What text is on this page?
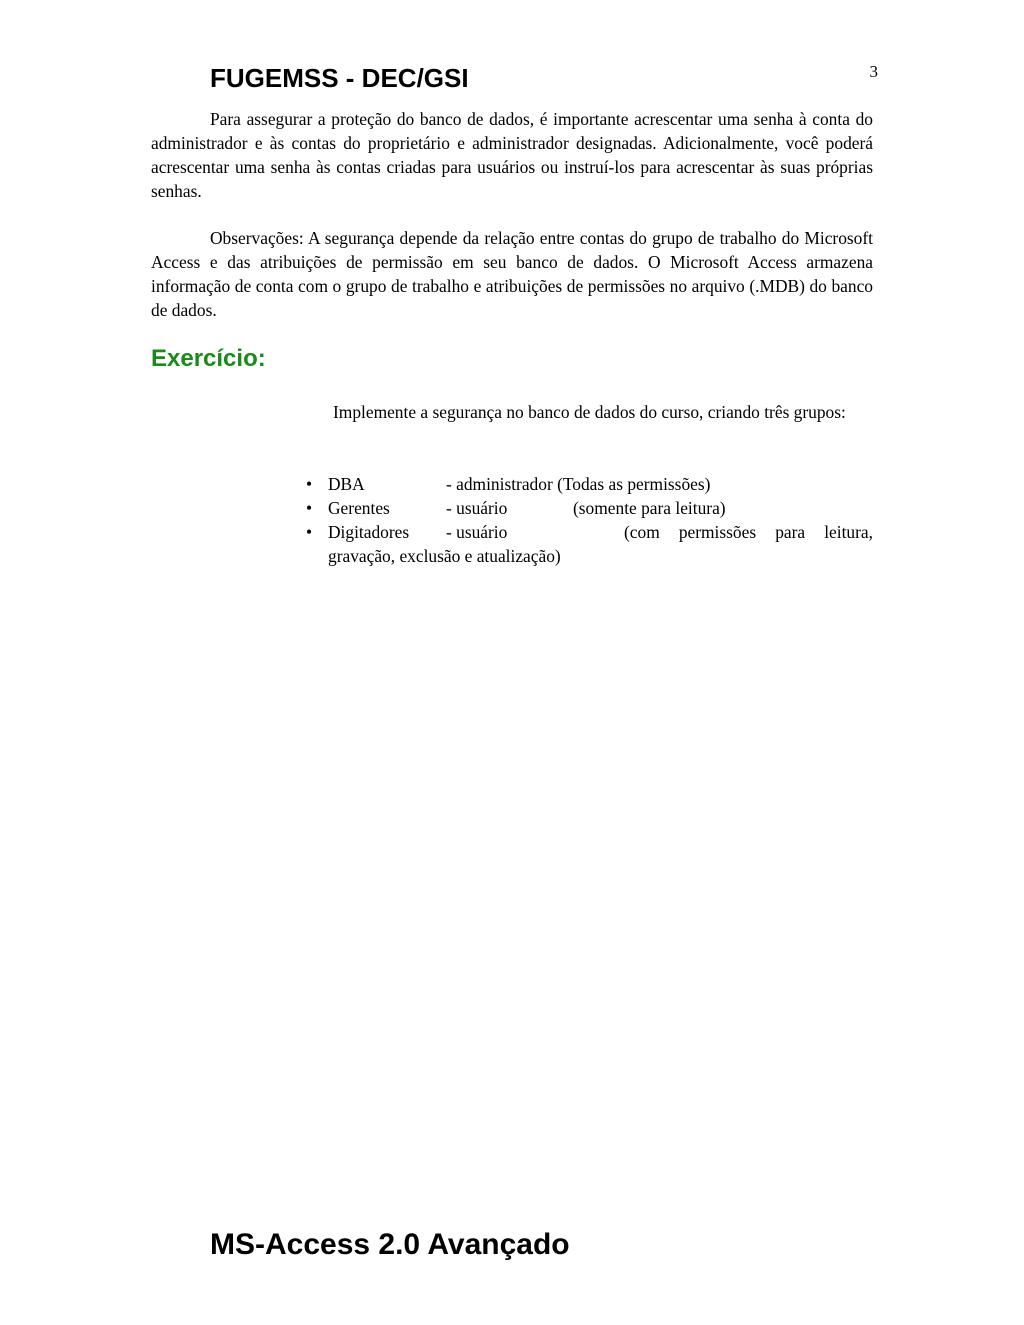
FUGEMSS - DEC/GSI	3

Para assegurar a proteção do banco de dados, é importante acrescentar uma senha à conta do administrador e às contas do proprietário e administrador designadas. Adicionalmente, você poderá acrescentar uma senha às contas criadas para usuários ou instruí-los para acrescentar às suas próprias senhas.

Observações: A segurança depende da relação entre contas do grupo de trabalho do Microsoft Access e das atribuições de permissão em seu banco de dados. O Microsoft Access armazena informação de conta com o grupo de trabalho e atribuições de permissões no arquivo (.MDB) do banco de dados.

Exercício:

Implemente a segurança no banco de dados do curso, criando três grupos:

• DBA	- administrador (Todas as permissões)
• Gerentes	- usuário	(somente para leitura)
• Digitadores	- usuário	(com permissões para leitura,
gravação, exclusão e atualização)
MS-Access 2.0 Avançado
